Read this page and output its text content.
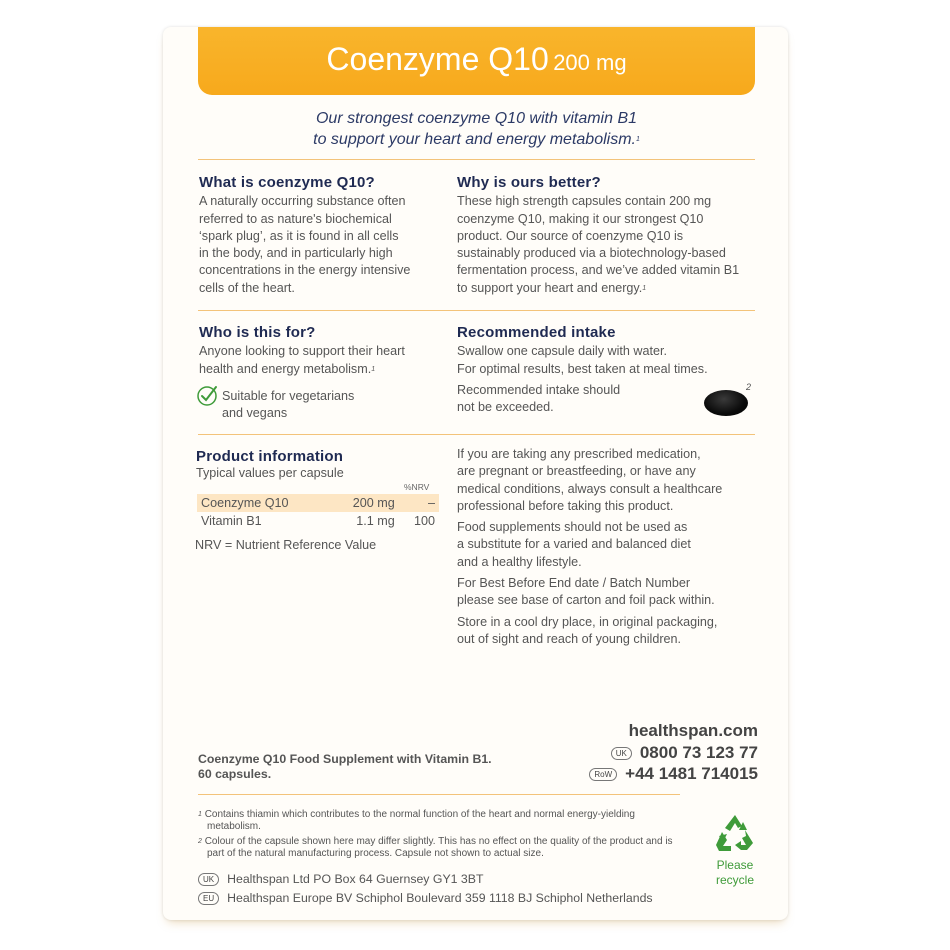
Coenzyme Q10 200 mg
Our strongest coenzyme Q10 with vitamin B1
to support your heart and energy metabolism.$^1$
What is coenzyme Q10?

A naturally occurring substance often

referred to as nature's biochemical

‘spark plug’, as it is found in all cells

in the body, and in particularly high

concentrations in the energy intensive

cells of the heart.

Why is ours better?

These high strength capsules contain 200 mg

coenzyme Q10, making it our strongest Q10

product. Our source of coenzyme Q10 is

sustainably produced via a biotechnology-based

fermentation process, and we’ve added vitamin B1

to support your heart and energy.$^1$

Who is this for?

Anyone looking to support their heart

health and energy metabolism.$^1$

Suitable for vegetarians
and vegans
Recommended intake

Swallow one capsule daily with water.

For optimal results, best taken at meal times.

Recommended intake should

not be exceeded.

2
Product information

Typical values per capsule

%NRV
Coenzyme Q10	200 mg	–
Vitamin B1	1.1 mg	100
NRV = Nutrient Reference Value

If you are taking any prescribed medication,

are pregnant or breastfeeding, or have any

medical conditions, always consult a healthcare

professional before taking this product.

Food supplements should not be used as

a substitute for a varied and balanced diet

and a healthy lifestyle.

For Best Before End date / Batch Number

please see base of carton and foil pack within.

Store in a cool dry place, in original packaging,

out of sight and reach of young children.

healthspan.com
UK 0800 73 123 77
RoW +44 1481 714015
Coenzyme Q10 Food Supplement with Vitamin B1.
60 capsules.

$^1$ Contains thiamin which contributes to the normal function of the heart and normal energy-yielding metabolism.

$^2$ Colour of the capsule shown here may differ slightly. This has no effect on the quality of the product and is part of the natural manufacturing process. Capsule not shown to actual size.

UK Healthspan Ltd PO Box 64 Guernsey GY1 3BT
EU Healthspan Europe BV Schiphol Boulevard 359 1118 BJ Schiphol Netherlands
Please
recycle
